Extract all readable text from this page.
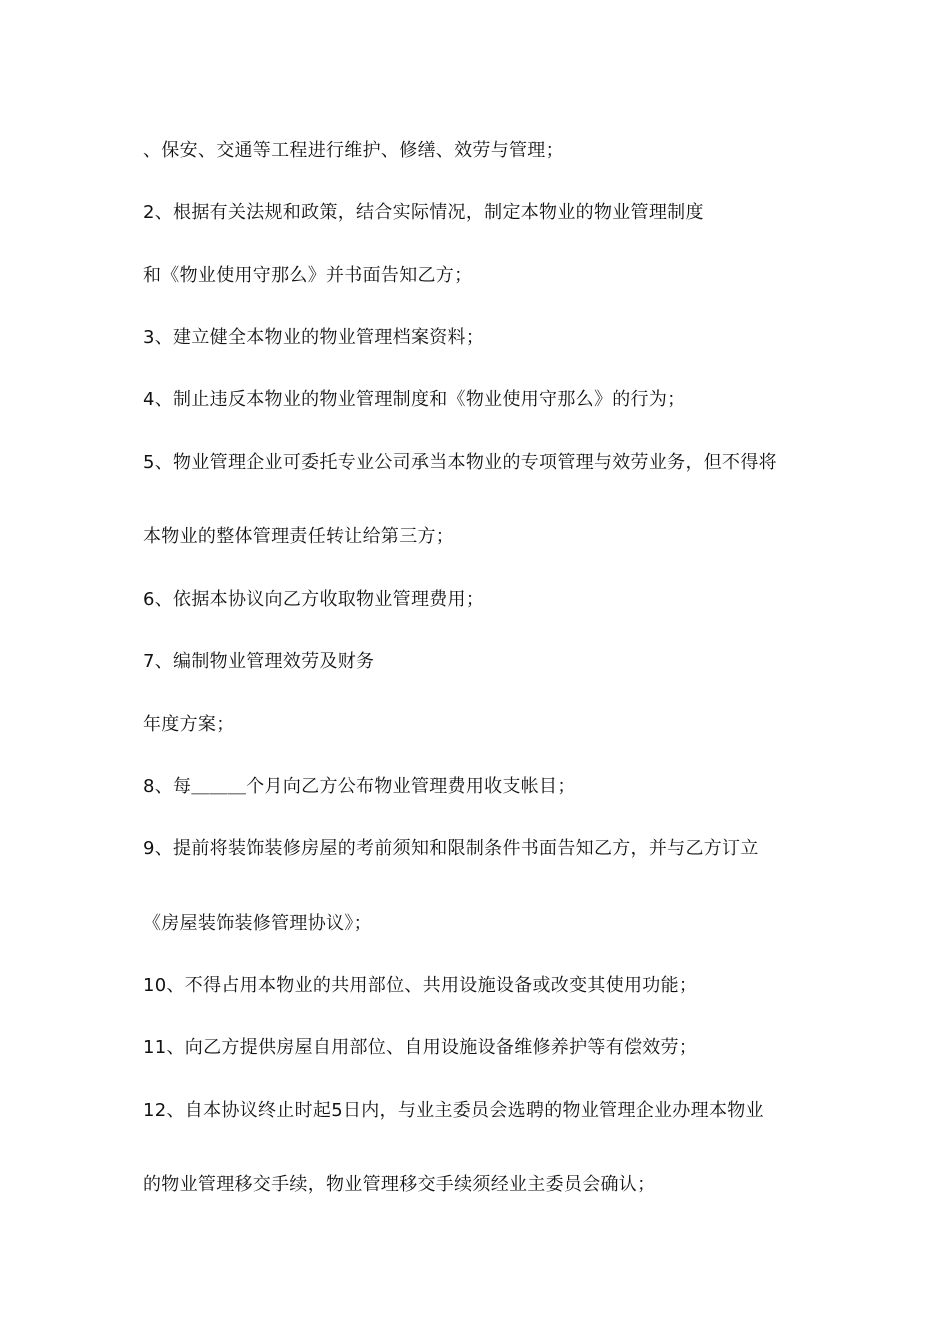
、保安、交通等工程进行维护、修缮、效劳与管理；

2、根据有关法规和政策，结合实际情况，制定本物业的物业管理制度

和《物业使用守那么》并书面告知乙方；

3、建立健全本物业的物业管理档案资料；

4、制止违反本物业的物业管理制度和《物业使用守那么》的行为；

5、物业管理企业可委托专业公司承当本物业的专项管理与效劳业务，但不得将

本物业的整体管理责任转让给第三方；

6、依据本协议向乙方收取物业管理费用；

7、编制物业管理效劳及财务

年度方案；

8、每＿＿＿个月向乙方公布物业管理费用收支帐目；

9、提前将装饰装修房屋的考前须知和限制条件书面告知乙方，并与乙方订立

《房屋装饰装修管理协议》；

10、不得占用本物业的共用部位、共用设施设备或改变其使用功能；

11、向乙方提供房屋自用部位、自用设施设备维修养护等有偿效劳；

12、自本协议终止时起5日内，与业主委员会选聘的物业管理企业办理本物业

的物业管理移交手续，物业管理移交手续须经业主委员会确认；
